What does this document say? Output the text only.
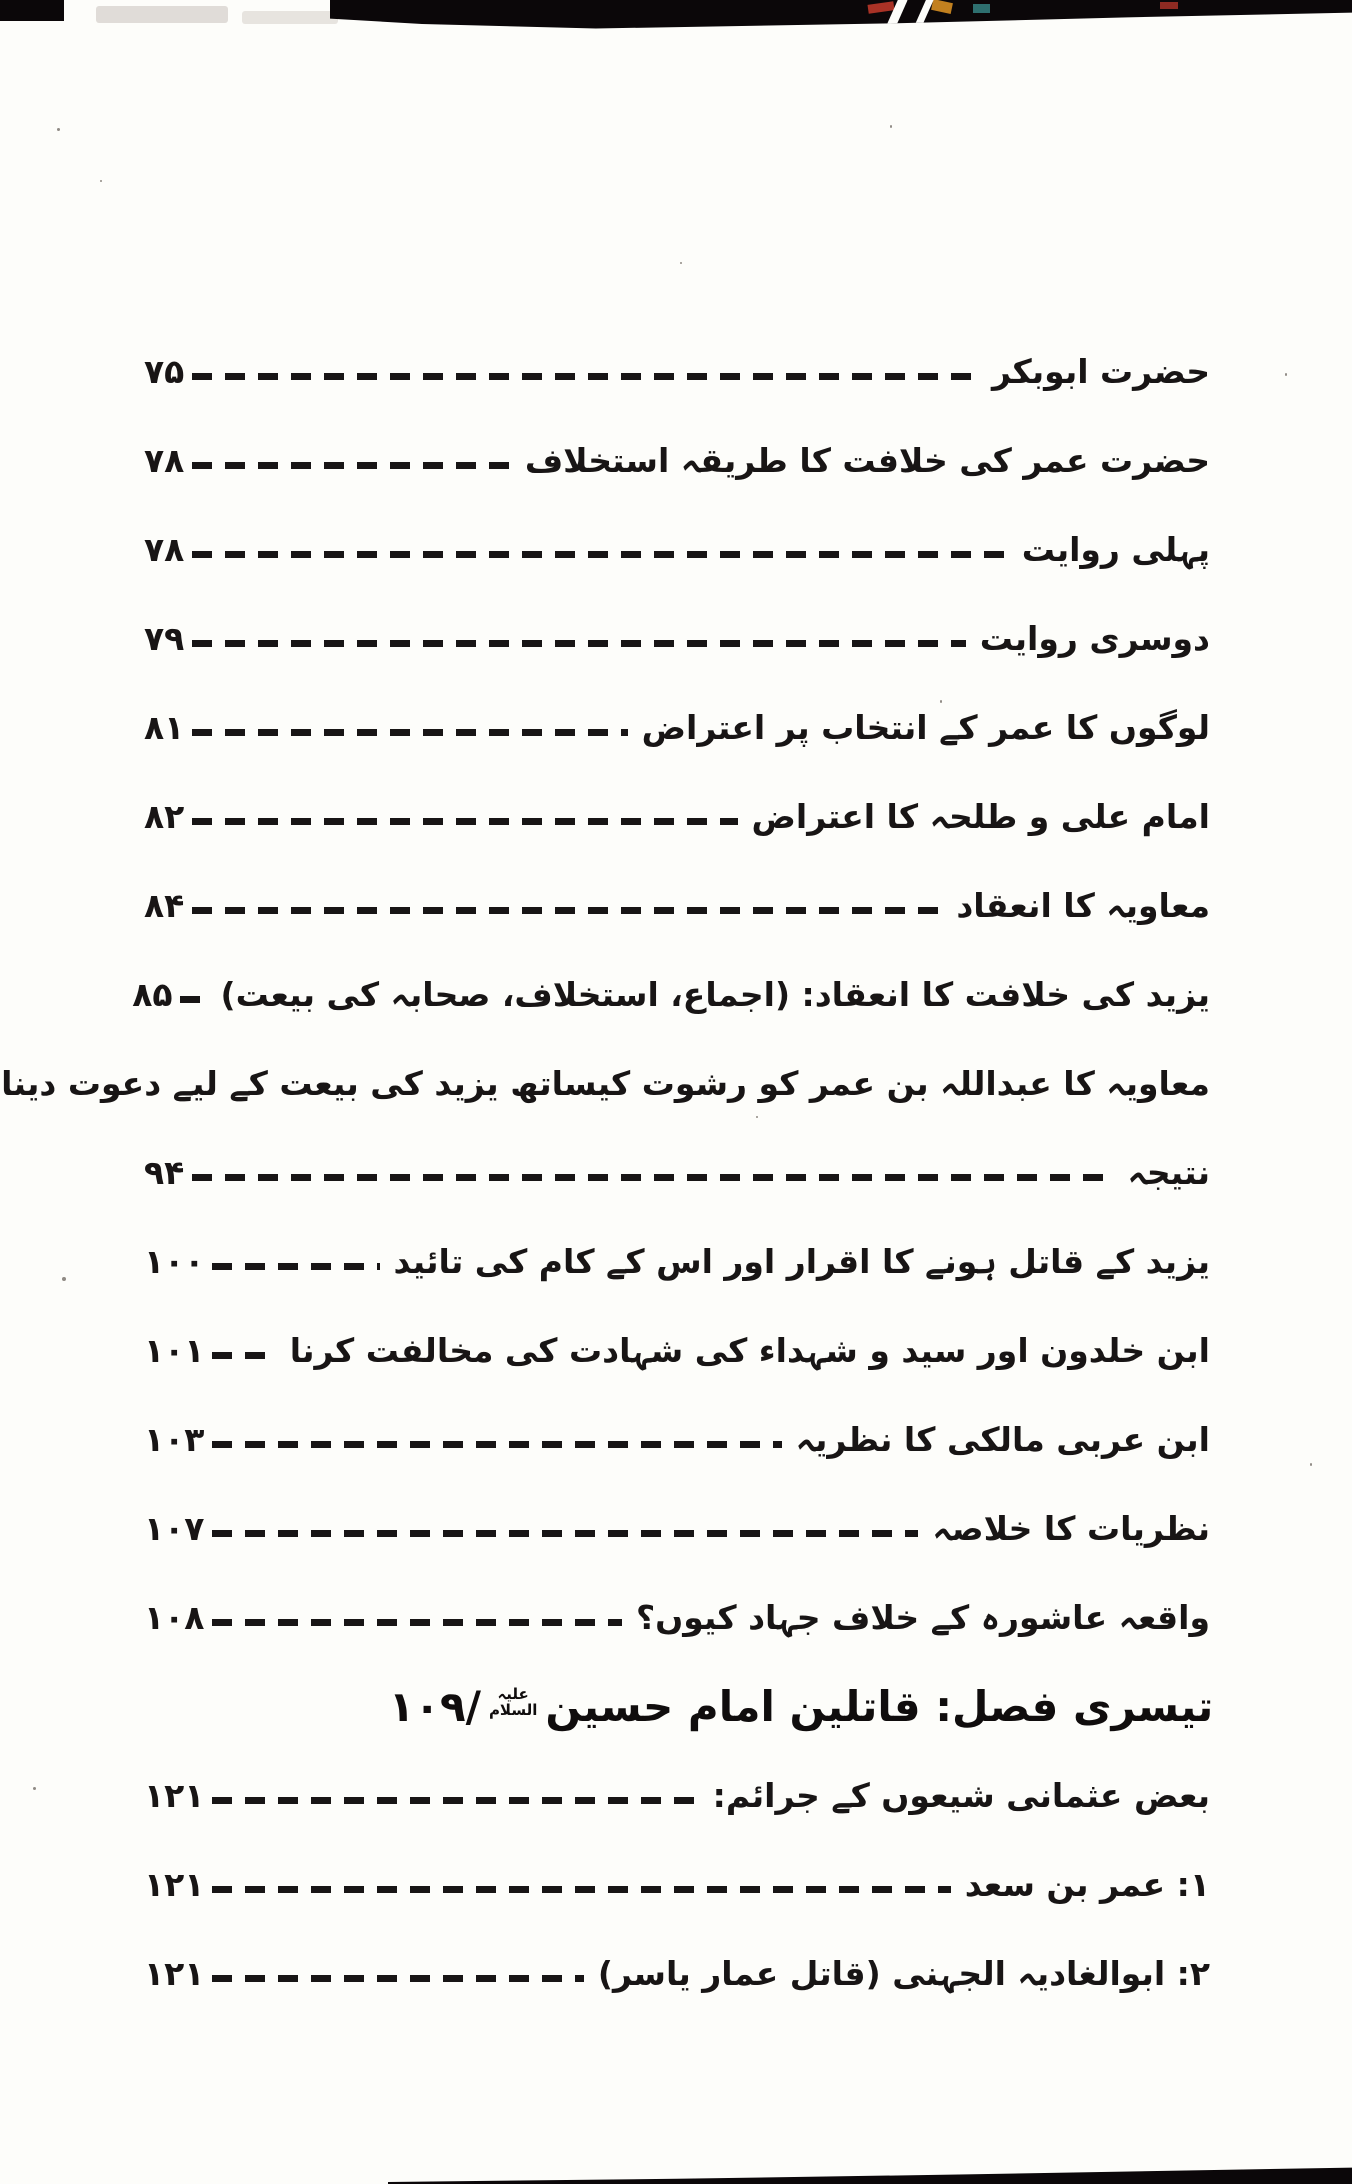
حضرت ابوبکر
۷۵
حضرت عمر کی خلافت کا طریقہ استخلاف
۷۸
پہلی روایت
۷۸
دوسری روایت
۷۹
لوگوں کا عمر کے انتخاب پر اعتراض
۸۱
امام علی و طلحہ کا اعتراض
۸۲
معاویہ کا انعقاد
۸۴
یزید کی خلافت کا انعقاد: (اجماع، استخلاف، صحابہ کی بیعت)
۸۵
معاویہ کا عبداللہ بن عمر کو رشوت کیساتھ یزید کی بیعت کے لیے دعوت دینا
نتیجہ
۹۴
یزید کے قاتل ہونے کا اقرار اور اس کے کام کی تائید
۱۰۰
ابن خلدون اور سید و شہداء کی شہادت کی مخالفت کرنا
۱۰۱
ابن عربی مالکی کا نظریہ
۱۰۳
نظریات کا خلاصہ
۱۰۷
واقعہ عاشورہ کے خلاف جہاد کیوں؟
۱۰۸
تیسری فصل: قاتلین امام حسین
علیہ
السلام
/۱۰۹
بعض عثمانی شیعوں کے جرائم:
۱۲۱
۱: عمر بن سعد
۱۲۱
۲: ابوالغادیہ الجہنی (قاتل عمار یاسر)
۱۲۱
